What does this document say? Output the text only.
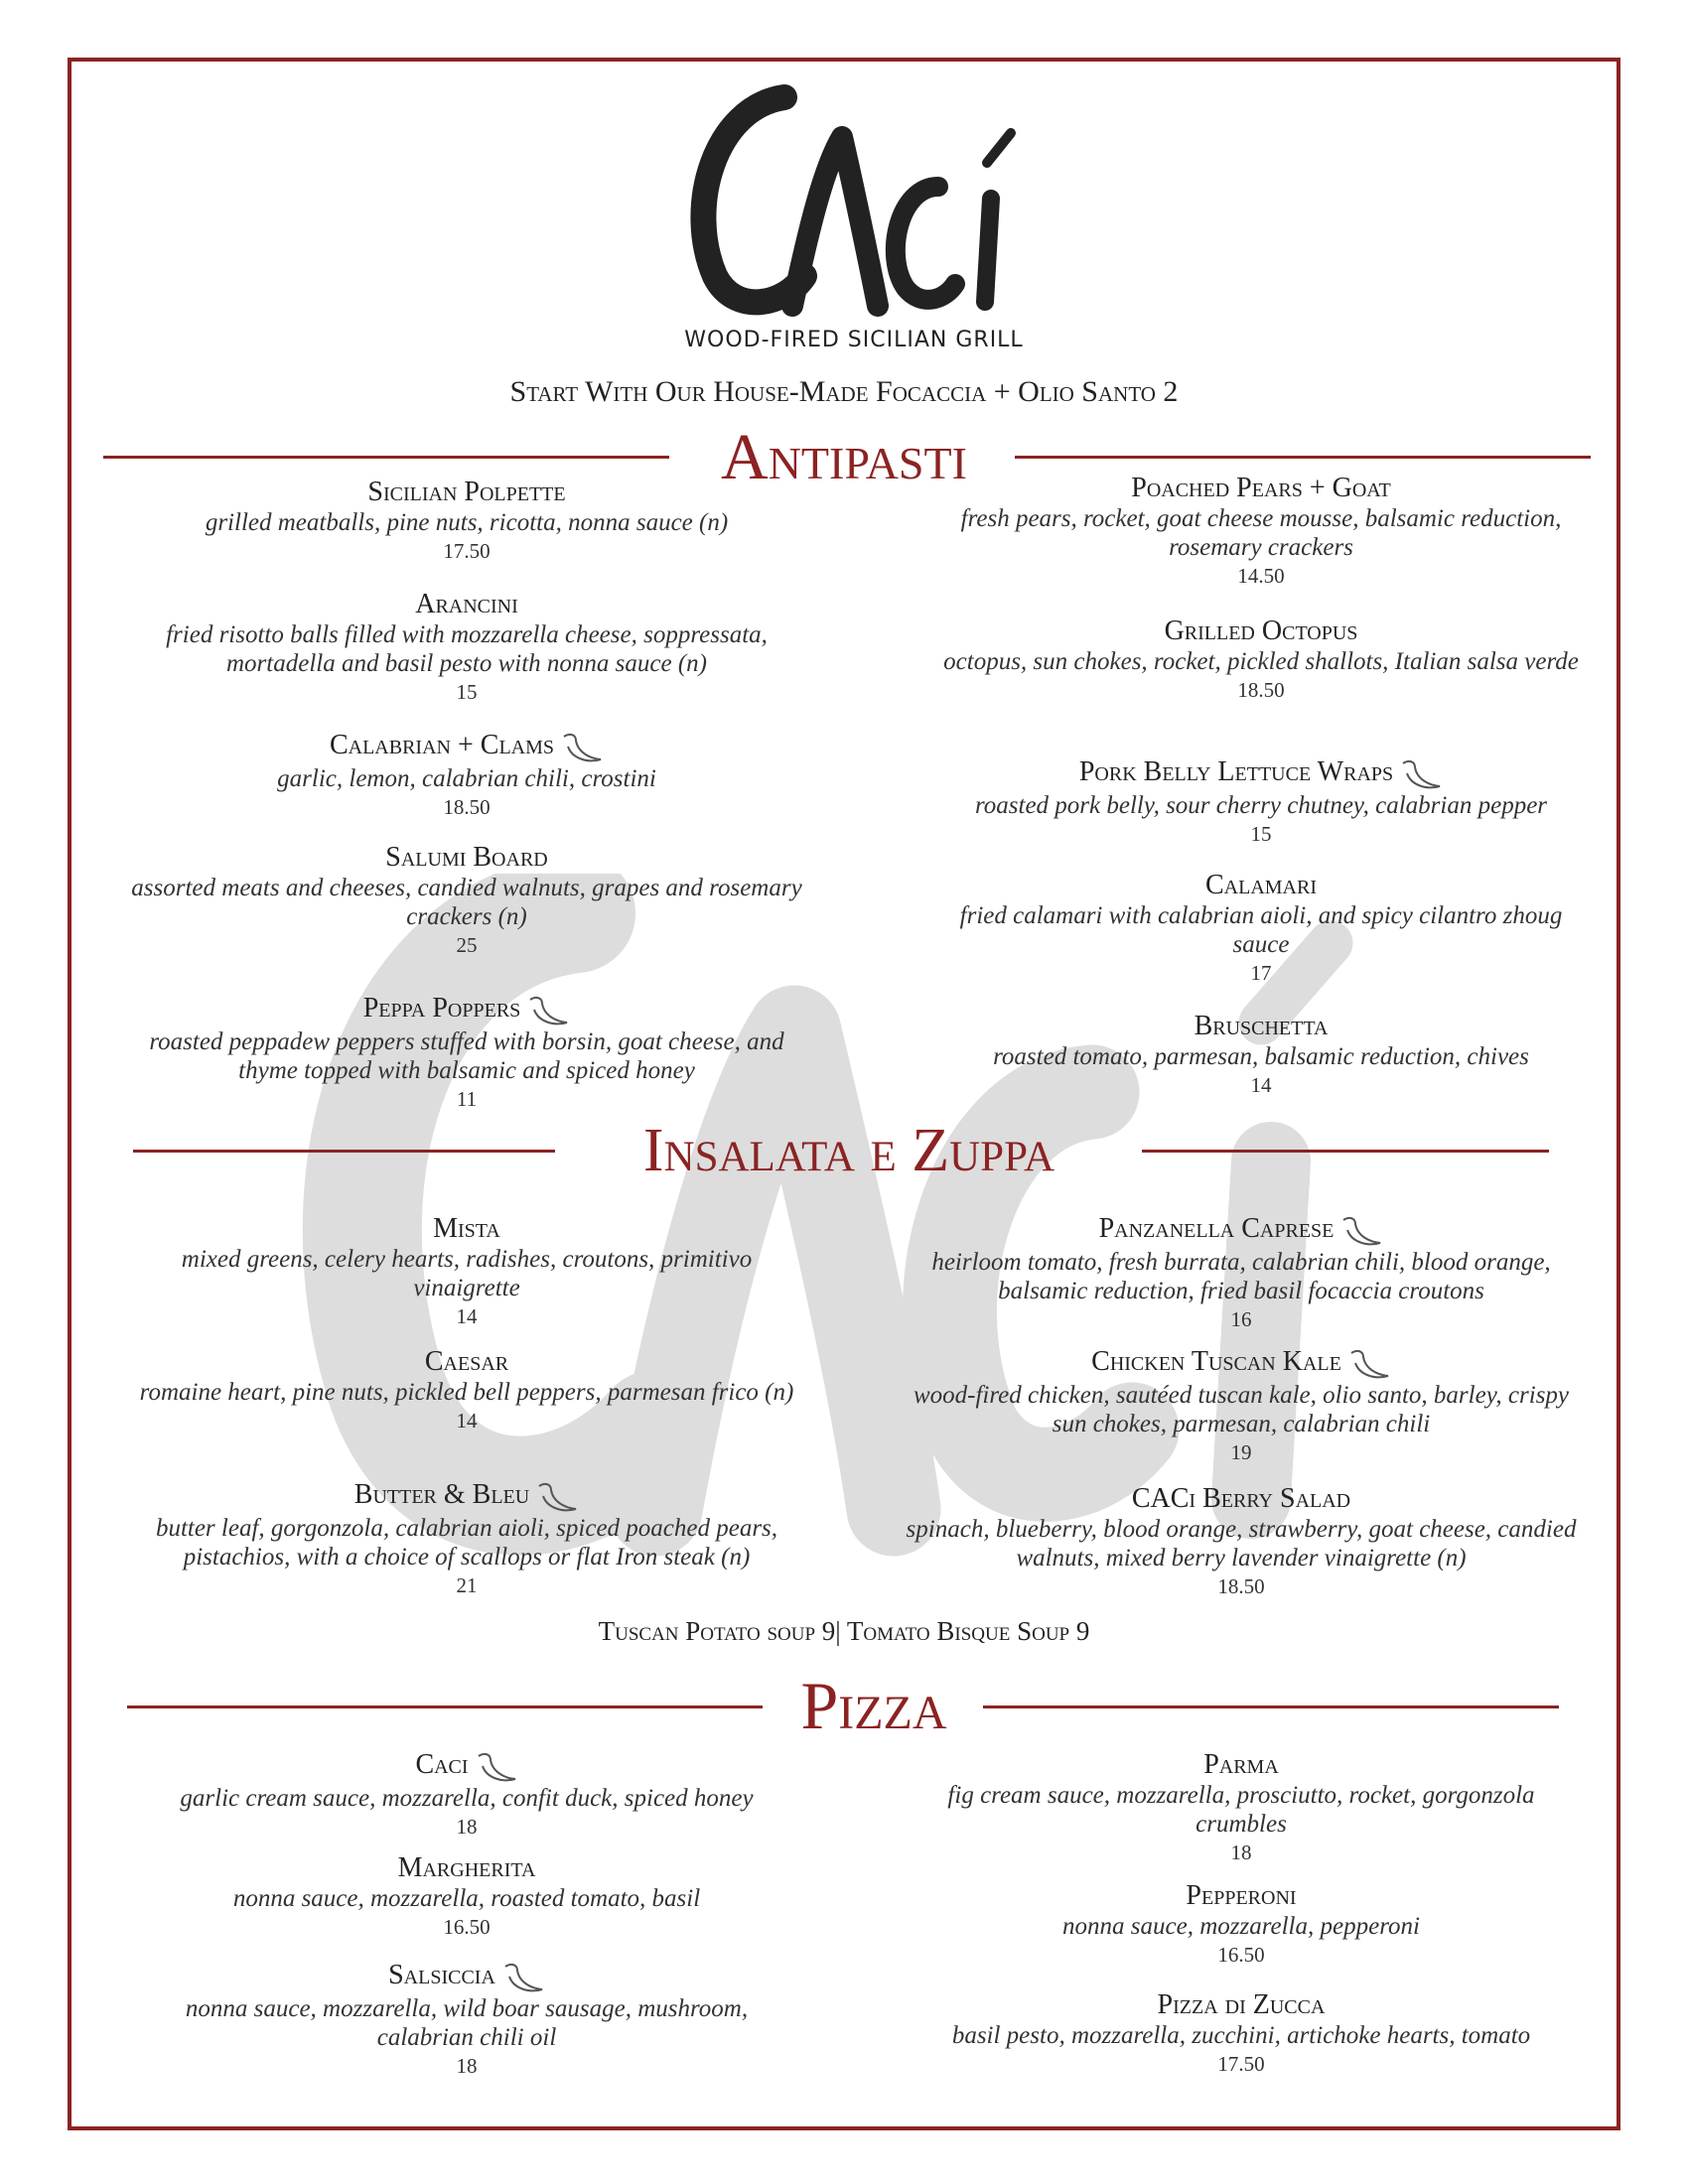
WOOD-FIRED SICILIAN GRILL
Start With Our House-Made Focaccia + Olio Santo 2
Antipasti
Sicilian Polpette
grilled meatballs, pine nuts, ricotta, nonna sauce (n)
17.50
Arancini
fried risotto balls filled with mozzarella cheese, soppressata, mortadella and basil pesto with nonna sauce (n)
15
Calabrian + Clams
garlic, lemon, calabrian chili, crostini
18.50
Salumi Board
assorted meats and cheeses, candied walnuts, grapes and rosemary crackers (n)
25
Peppa Poppers
roasted peppadew peppers stuffed with borsin, goat cheese, and thyme topped with balsamic and spiced honey
11
Poached Pears + Goat
fresh pears, rocket, goat cheese mousse, balsamic reduction, rosemary crackers
14.50
Grilled Octopus
octopus, sun chokes, rocket, pickled shallots, Italian salsa verde
18.50
Pork Belly Lettuce Wraps
roasted pork belly, sour cherry chutney, calabrian pepper
15
Calamari
fried calamari with calabrian aioli, and spicy cilantro zhoug sauce
17
Bruschetta
roasted tomato, parmesan, balsamic reduction, chives
14
Insalata e Zuppa
Mista
mixed greens, celery hearts, radishes, croutons, primitivo vinaigrette
14
Caesar
romaine heart, pine nuts, pickled bell peppers, parmesan frico (n)
14
Butter & Bleu
butter leaf, gorgonzola, calabrian aioli, spiced poached pears, pistachios, with a choice of scallops or flat Iron steak (n)
21
Panzanella Caprese
heirloom tomato, fresh burrata, calabrian chili, blood orange, balsamic reduction, fried basil focaccia croutons
16
Chicken Tuscan Kale
wood-fired chicken, sautéed tuscan kale, olio santo, barley, crispy sun chokes, parmesan, calabrian chili
19
CACi Berry Salad
spinach, blueberry, blood orange, strawberry, goat cheese, candied walnuts, mixed berry lavender vinaigrette (n)
18.50
Tuscan Potato soup 9| Tomato Bisque Soup 9
Pizza
Caci
garlic cream sauce, mozzarella, confit duck, spiced honey
18
Margherita
nonna sauce, mozzarella, roasted tomato, basil
16.50
Salsiccia
nonna sauce, mozzarella, wild boar sausage, mushroom, calabrian chili oil
18
Parma
fig cream sauce, mozzarella, prosciutto, rocket, gorgonzola crumbles
18
Pepperoni
nonna sauce, mozzarella, pepperoni
16.50
Pizza di Zucca
basil pesto, mozzarella, zucchini, artichoke hearts, tomato
17.50
